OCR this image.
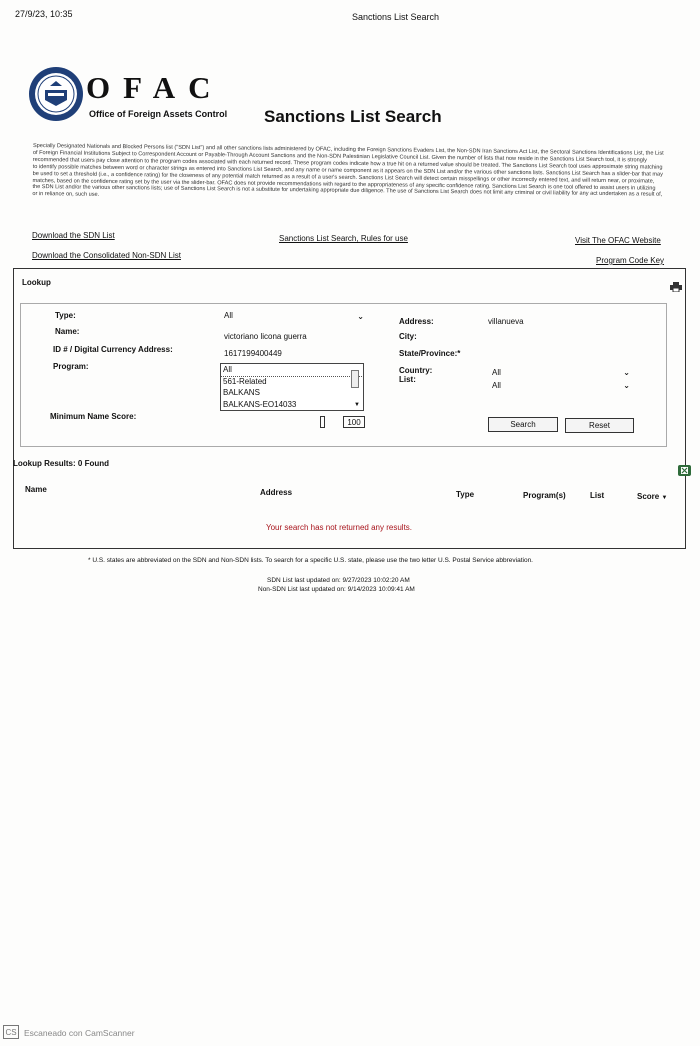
27/9/23, 10:35	Sanctions List Search
OFAC
Office of Foreign Assets Control Sanctions List Search
Specially Designated Nationals and Blocked Persons list ("SDN List") and all other sanctions lists administered by OFAC, including the Foreign Sanctions Evaders List, the Non-SDN Iran Sanctions Act List, the Sectoral Sanctions Identifications List, the List of Foreign Financial Institutions Subject to Correspondent Account or Payable-Through Account Sanctions and the Non-SDN Palestinian Legislative Council List. Given the number of lists that now reside in the Sanctions List Search tool, it is strongly recommended that users pay close attention to the program codes associated with each returned record. These program codes indicate how a true hit on a returned value should be treated. The Sanctions List Search tool uses approximate string matching to identify possible matches between word or character strings as entered into Sanctions List Search, and any name or name component as it appears on the SDN List and/or the various other sanctions lists. Sanctions List Search has a slider-bar that may be used to set a threshold (i.e., a confidence rating) for the closeness of any potential match returned as a result of a user's search. Sanctions List Search will detect certain misspellings or other incorrectly entered text, and will return near, or proximate, matches, based on the confidence rating set by the user via the slider-bar. OFAC does not provide recommendations with regard to the appropriateness of any specific confidence rating. Sanctions List Search is one tool offered to assist users in utilizing the SDN List and/or the various other sanctions lists; use of Sanctions List Search is not a substitute for undertaking appropriate due diligence. The use of Sanctions List Search does not limit any criminal or civil liability for any act undertaken as a result of, or in reliance on, such use.
Download the SDN List	Sanctions List Search, Rules for use	Visit The OFAC Website
Download the Consolidated Non-SDN List
Program Code Key
Lookup
Type:	All	⌄
Name:
victoriano licona guerra
ID # / Digital Currency Address:	1617199400449
Program:	All
561-Related
BALKANS
BALKANS-EO14033	▼
Minimum Name Score:
100
Address:	villanueva
City:
State/Province:*
Country:	All	⌄
List:
All	⌄
Search	Reset
Lookup Results: 0 Found
Name	Address	Type	Program(s)	List	Score ▼
Your search has not returned any results.
* U.S. states are abbreviated on the SDN and Non-SDN lists. To search for a specific U.S. state, please use the two letter U.S. Postal Service abbreviation.
SDN List last updated on: 9/27/2023 10:02:20 AM
Non-SDN List last updated on: 9/14/2023 10:09:41 AM
CS Escaneado con CamScanner
